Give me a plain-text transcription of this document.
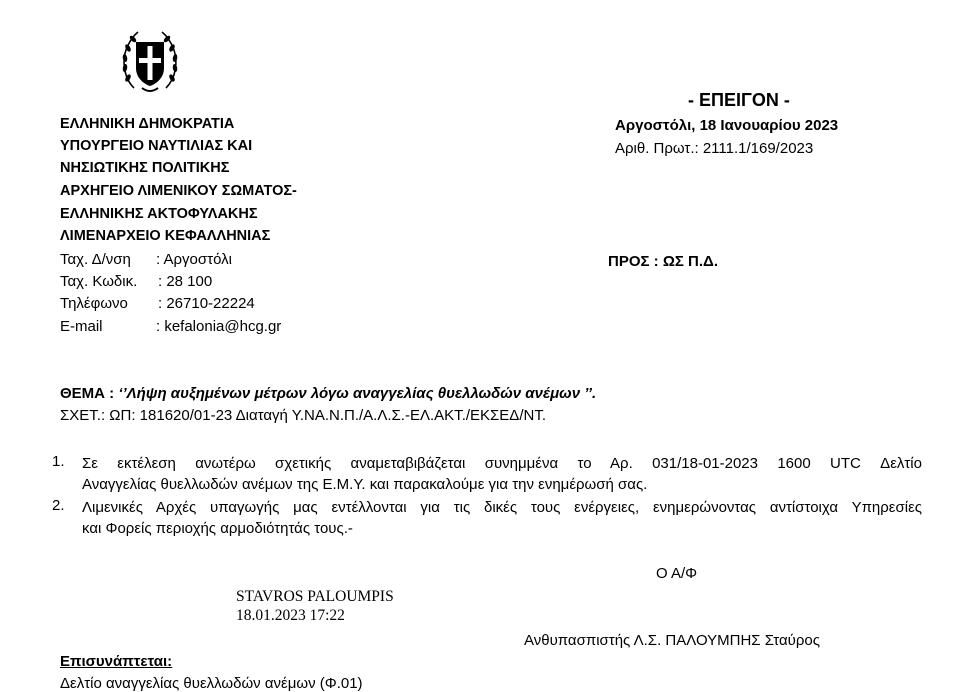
ΕΛΛΗΝΙΚΗ ΔΗΜΟΚΡΑΤΙΑ
ΥΠΟΥΡΓΕΙΟ ΝΑΥΤΙΛΙΑΣ ΚΑΙ
ΝΗΣΙΩΤΙΚΗΣ ΠΟΛΙΤΙΚΗΣ
ΑΡΧΗΓΕΙΟ ΛΙΜΕΝΙΚΟΥ ΣΩΜΑΤΟΣ-
ΕΛΛΗΝΙΚΗΣ ΑΚΤΟΦΥΛΑΚΗΣ
ΛΙΜΕΝΑΡΧΕΙΟ ΚΕΦΑΛΛΗΝΙΑΣ
Ταχ. Δ/νση : Αργοστόλι
Ταχ. Κωδικ. : 28 100
Τηλέφωνο : 26710-22224
E-mail	: kefalonia@hcg.gr
- ΕΠΕΙΓΟΝ -
Αργοστόλι, 18 Ιανουαρίου 2023
Αριθ. Πρωτ.: 2111.1/169/2023
ΠΡΟΣ : ΩΣ Π.Δ.
ΘΕΜΑ : ‘’Λήψη αυξημένων μέτρων λόγω αναγγελίας θυελλωδών ανέμων ’’.
ΣΧΕΤ.: ΩΠ: 181620/01-23 Διαταγή Υ.ΝΑ.Ν.Π./Α.Λ.Σ.-ΕΛ.ΑΚΤ./ΕΚΣΕΔ/ΝΤ.
1. Σε εκτέλεση ανωτέρω σχετικής αναμεταβιβάζεται συνημμένα το Αρ. 031/18-01-2023 1600 UTC Δελτίο
Αναγγελίας θυελλωδών ανέμων της Ε.Μ.Υ. και παρακαλούμε για την ενημέρωσή σας.
2. Λιμενικές Αρχές υπαγωγής μας εντέλλονται για τις δικές τους ενέργειες, ενημερώνοντας αντίστοιχα Υπηρεσίες
και Φορείς περιοχής αρμοδιότητάς τους.-
Ο Α/Φ
STAVROS PALOUMPIS
18.01.2023 17:22
Ανθυπασπιστής Λ.Σ. ΠΑΛΟΥΜΠΗΣ Σταύρος
Επισυνάπτεται:
Δελτίο αναγγελίας θυελλωδών ανέμων (Φ.01)
